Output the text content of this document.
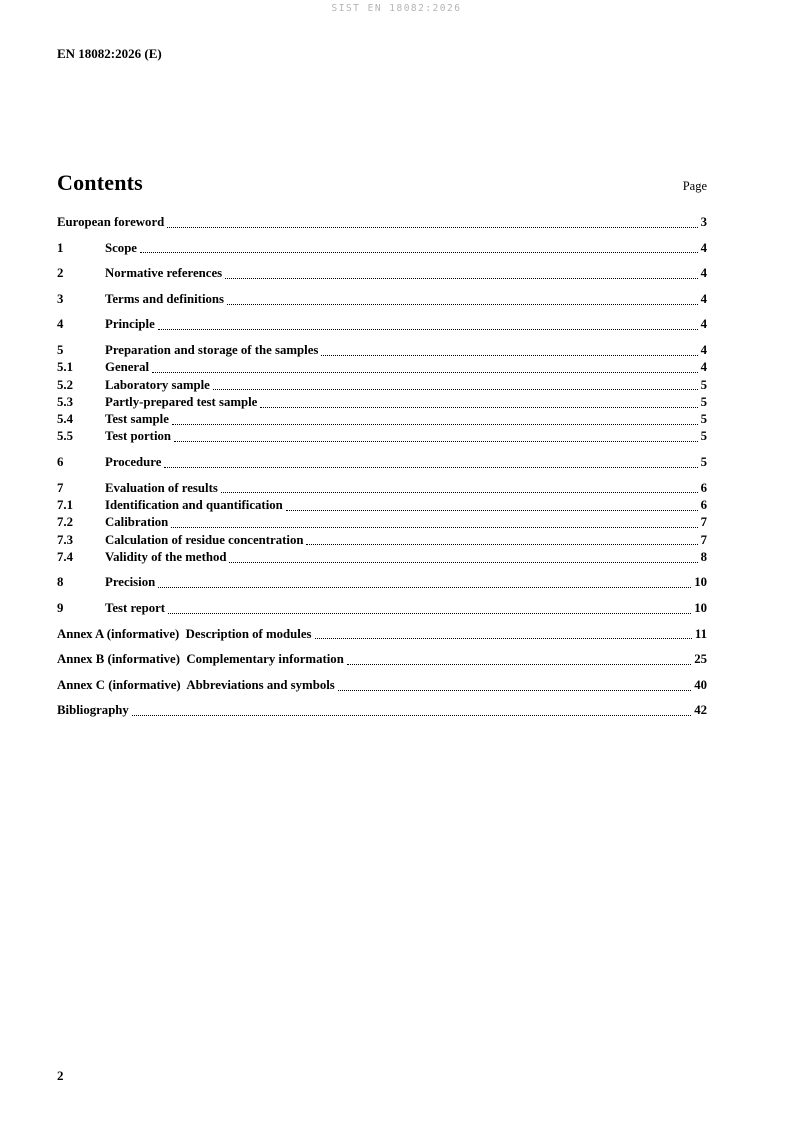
SIST EN 18082:2026
EN 18082:2026 (E)
Contents	Page
European foreword	3
1	Scope	4
2	Normative references	4
3	Terms and definitions	4
4	Principle	4
5	Preparation and storage of the samples	4
5.1	General	4
5.2	Laboratory sample	5
5.3	Partly-prepared test sample	5
5.4	Test sample	5
5.5	Test portion	5
6	Procedure	5
7	Evaluation of results	6
7.1	Identification and quantification	6
7.2	Calibration	7
7.3	Calculation of residue concentration	7
7.4	Validity of the method	8
8	Precision	10
9	Test report	10
Annex A (informative)  Description of modules	11
Annex B (informative)  Complementary information	25
Annex C (informative)  Abbreviations and symbols	40
Bibliography	42
2
